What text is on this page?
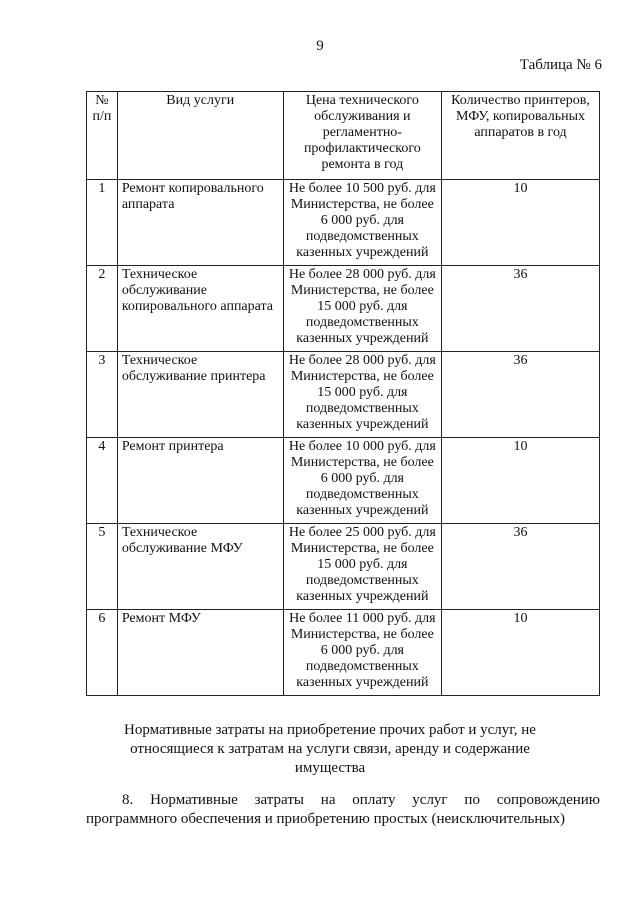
9
Таблица № 6
№ п/п	Вид услуги	Цена технического обслуживания и регламентно-профилактического ремонта в год	Количество принтеров, МФУ, копировальных аппаратов в год
1	Ремонт копировального аппарата	Не более 10 500 руб. для Министерства, не более 6 000 руб. для подведомственных казенных учреждений	10
2	Техническое обслуживание копировального аппарата	Не более 28 000 руб. для Министерства, не более 15 000 руб. для подведомственных казенных учреждений	36
3	Техническое обслуживание принтера	Не более 28 000 руб. для Министерства, не более 15 000 руб. для подведомственных казенных учреждений	36
4	Ремонт принтера	Не более 10 000 руб. для Министерства, не более 6 000 руб. для подведомственных казенных учреждений	10
5	Техническое обслуживание МФУ	Не более 25 000 руб. для Министерства, не более 15 000 руб. для подведомственных казенных учреждений	36
6	Ремонт МФУ	Не более 11 000 руб. для Министерства, не более 6 000 руб. для подведомственных казенных учреждений	10
Нормативные затраты на приобретение прочих работ и услуг, не относящиеся к затратам на услуги связи, аренду и содержание имущества
8. Нормативные затраты на оплату услуг по сопровождению программного обеспечения и приобретению простых (неисключительных)
